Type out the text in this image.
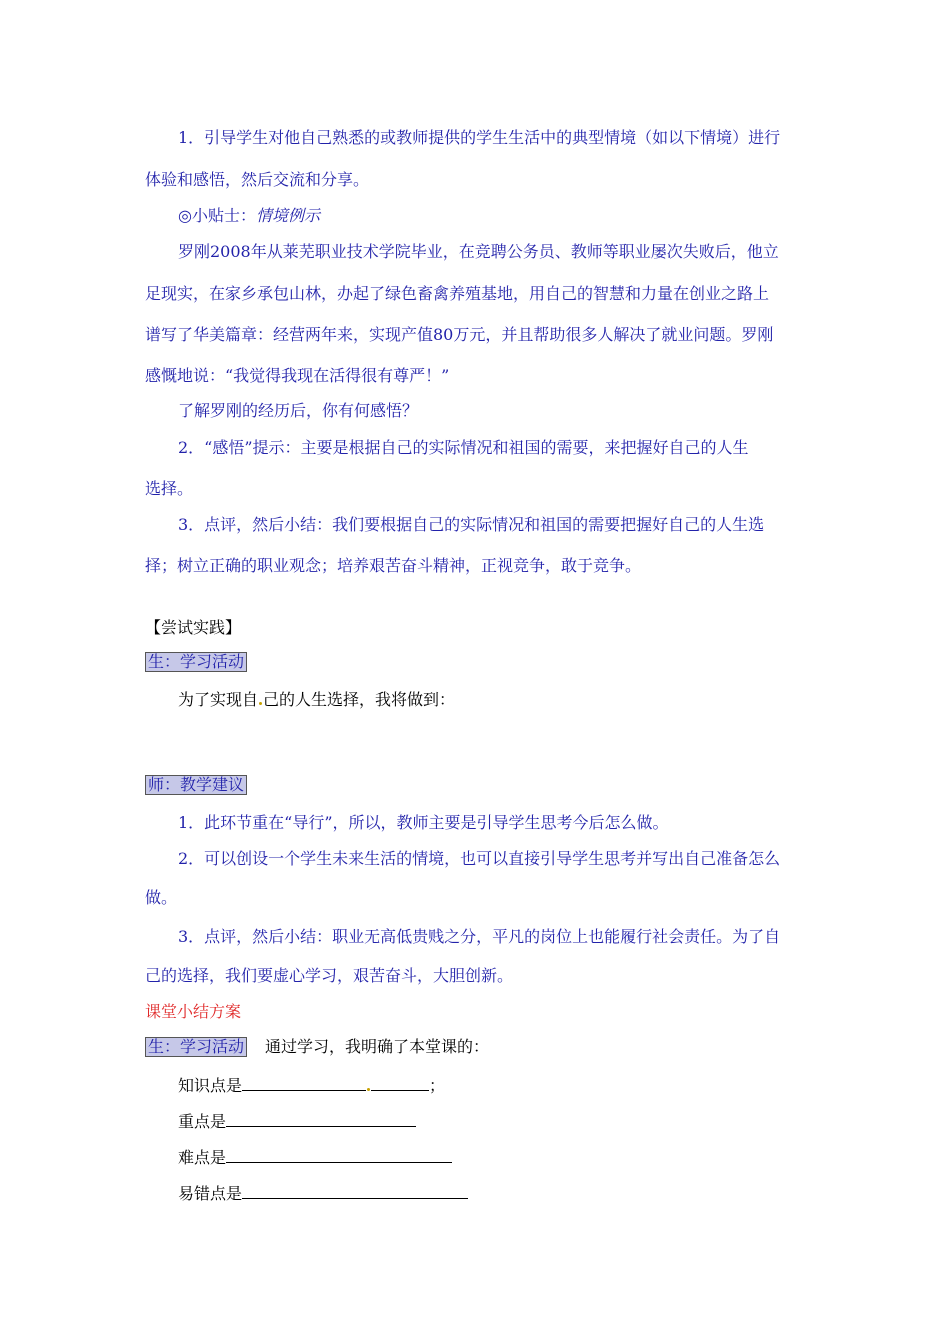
1．引导学生对他自己熟悉的或教师提供的学生生活中的典型情境（如以下情境）进行
体验和感悟，然后交流和分享。
◎小贴士：情境例示
罗刚2008年从莱芜职业技术学院毕业，在竞聘公务员、教师等职业屡次失败后，他立
足现实，在家乡承包山林，办起了绿色畜禽养殖基地，用自己的智慧和力量在创业之路上
谱写了华美篇章：经营两年来，实现产值80万元，并且帮助很多人解决了就业问题。罗刚
感慨地说：“我觉得我现在活得很有尊严！”
了解罗刚的经历后，你有何感悟？
2．“感悟”提示：主要是根据自己的实际情况和祖国的需要，来把握好自己的人生
选择。
3．点评，然后小结：我们要根据自己的实际情况和祖国的需要把握好自己的人生选
择；树立正确的职业观念；培养艰苦奋斗精神，正视竞争，敢于竞争。
【尝试实践】
生：学习活动
为了实现自 己的人生选择，我将做到：
师：教学建议
1．此环节重在“导行”，所以，教师主要是引导学生思考今后怎么做。
2．可以创设一个学生未来生活的情境，也可以直接引导学生思考并写出自己准备怎么
做。
3．点评，然后小结：职业无高低贵贱之分，平凡的岗位上也能履行社会责任。为了自
己的选择，我们要虚心学习，艰苦奋斗，大胆创新。
课堂小结方案
生：学习活动 通过学习，我明确了本堂课的：
知识点是	；
重点是
难点是
易错点是
